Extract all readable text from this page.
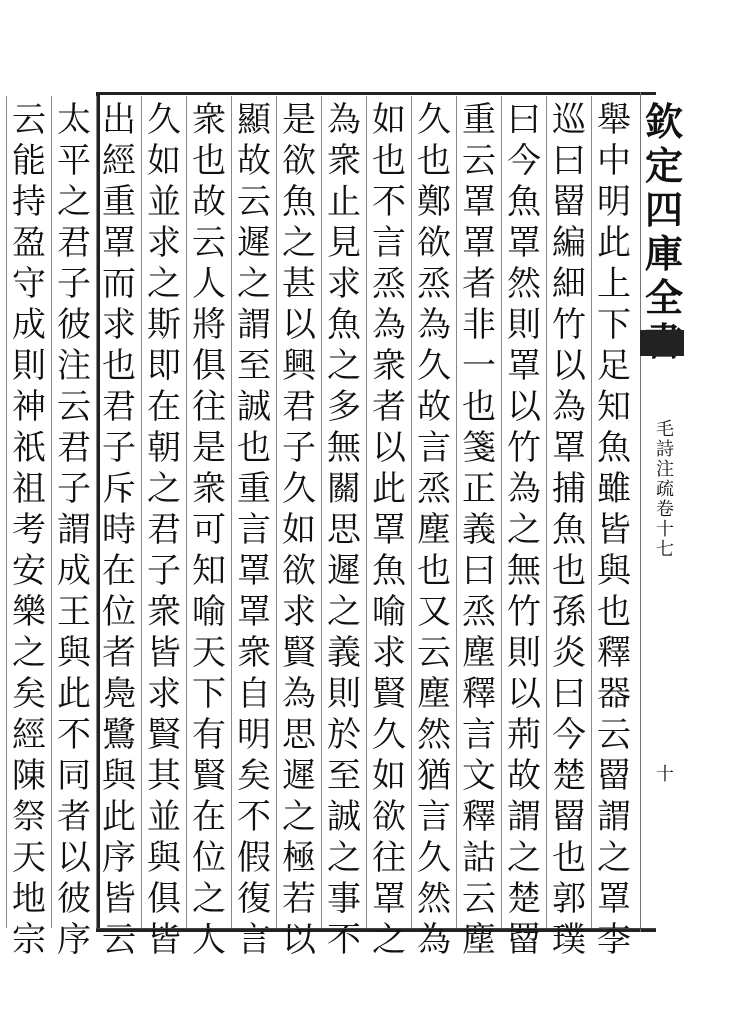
舉
中
明
此
上
下
足
知
魚
雖
皆
與
也
釋
器
云
罶
謂
之
罩
李
巡
曰
罶
編
細
竹
以
為
罩
捕
魚
也
孫
炎
曰
今
楚
罶
也
郭
璞
曰
今
魚
罩
然
則
罩
以
竹
為
之
無
竹
則
以
荊
故
謂
之
楚
罶
重
云
罩
罩
者
非
一
也
箋
正
義
曰
烝
塵
釋
言
文
釋
詁
云
塵
久
也
鄭
欲
烝
為
久
故
言
烝
塵
也
又
云
塵
然
猶
言
久
然
為
如
也
不
言
烝
為
衆
者
以
此
罩
魚
喻
求
賢
久
如
欲
往
罩
之
為
衆
止
見
求
魚
之
多
無
關
思
遲
之
義
則
於
至
誠
之
事
不
是
欲
魚
之
甚
以
興
君
子
久
如
欲
求
賢
為
思
遲
之
極
若
以
顯
故
云
遲
之
謂
至
誠
也
重
言
罩
罩
衆
自
明
矣
不
假
復
言
衆
也
故
云
人
將
俱
往
是
衆
可
知
喻
天
下
有
賢
在
位
之
人
久
如
並
求
之
斯
即
在
朝
之
君
子
衆
皆
求
賢
其
並
與
俱
皆
出
經
重
罩
而
求
也
君
子
斥
時
在
位
者
鳧
鷺
與
此
序
皆
云
太
平
之
君
子
彼
注
云
君
子
謂
成
王
與
此
不
同
者
以
彼
序
云
能
持
盈
守
成
則
神
祇
祖
考
安
樂
之
矣
經
陳
祭
天
地
宗
欽
定
四
庫
全
毛
詩
注
疏
卷
十
七
十
